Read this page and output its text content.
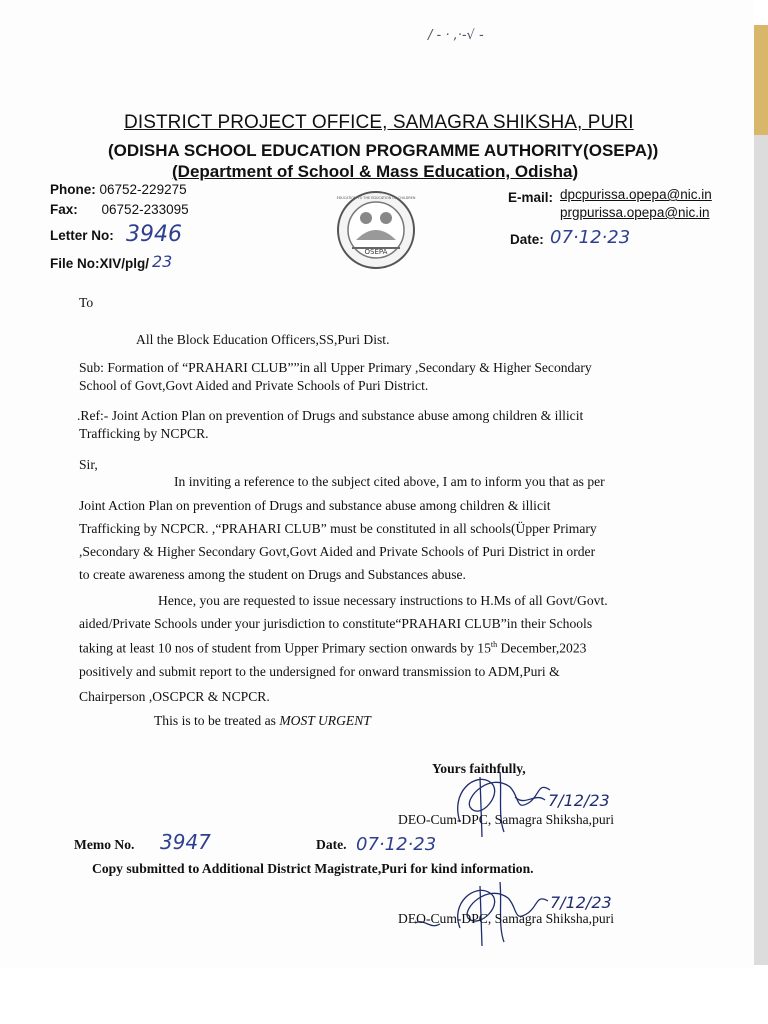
/ - · ,·-√ -
DISTRICT PROJECT OFFICE, SAMAGRA SHIKSHA, PURI
(ODISHA SCHOOL EDUCATION PROGRAMME AUTHORITY(OSEPA))
(Department of School & Mass Education, Odisha)
Phone: 06752-229275
Fax: 06752-233095
Letter No: 3946
File No:XIV/plg/ 23	OSEPA
EDUCATION TO THE EDUCATION OF CHILDREN	E-mail: dpcpurissa.opepa@nic.in
prgpurissa.opepa@nic.in
Date: 07·12·23
To
All the Block Education Officers,SS,Puri Dist.
Sub: Formation of “PRAHARI CLUB””in all Upper Primary ,Secondary & Higher Secondary
School of Govt,Govt Aided and Private Schools of Puri District.
.Ref:- Joint Action Plan on prevention of Drugs and substance abuse among children & illicit
Trafficking by NCPCR.
Sir,
In inviting a reference to the subject cited above, I am to inform you that as per
Joint Action Plan on prevention of Drugs and substance abuse among children & illicit
Trafficking by NCPCR. ,“PRAHARI CLUB” must be constituted in all schools(Üpper Primary
,Secondary & Higher Secondary Govt,Govt Aided and Private Schools of Puri District in order
to create awareness among the student on Drugs and Substances abuse.
Hence, you are requested to issue necessary instructions to H.Ms of all Govt/Govt.
aided/Private Schools under your jurisdiction to constitute“PRAHARI CLUB”in their Schools
taking at least 10 nos of student from Upper Primary section onwards by 15th December,2023
positively and submit report to the undersigned for onward transmission to ADM,Puri &
Chairperson ,OSCPCR & NCPCR.
This is to be treated as MOST URGENT
Yours faithfully,
7/12/23
DEO-Cum-DPC, Samagra Shiksha,puri
Memo No. 3947	Date. 07·12·23
Copy submitted to Additional District Magistrate,Puri for kind information.
7/12/23
DEO-Cum-DPC, Samagra Shiksha,puri
